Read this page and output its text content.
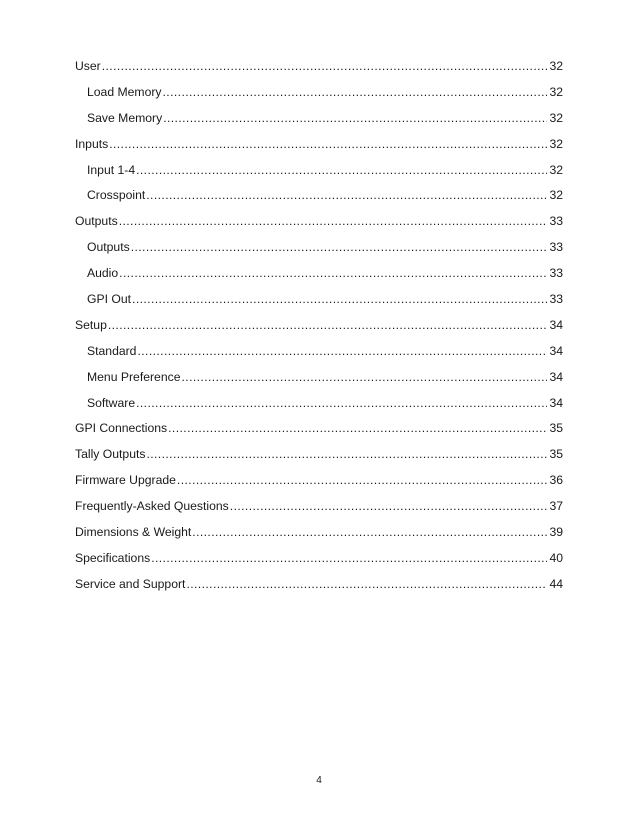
User .....	32
Load Memory .....	32
Save Memory .....	32
Inputs .....	32
Input 1-4 .....	32
Crosspoint .....	32
Outputs .....	33
Outputs .....	33
Audio .....	33
GPI Out .....	33
Setup .....	34
Standard .....	34
Menu Preference .....	34
Software .....	34
GPI Connections .....	35
Tally Outputs .....	35
Firmware Upgrade .....	36
Frequently-Asked Questions .....	37
Dimensions & Weight .....	39
Specifications .....	40
Service and Support .....	44
4
